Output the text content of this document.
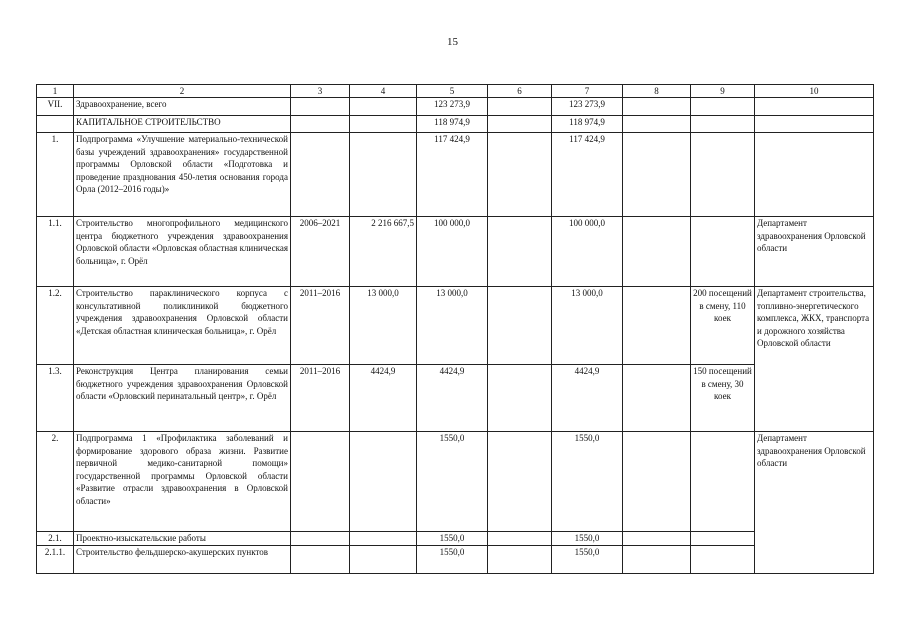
15
1	2	3	4	5	6	7	8	9	10
VII.	Здравоохранение, всего			123 273,9		123 273,9			
	КАПИТАЛЬНОЕ СТРОИТЕЛЬСТВО			118 974,9		118 974,9			
1.	Подпрограмма «Улучшение материально-технической базы учреждений здравоохранения» государственной программы Орловской области «Подготовка и проведение празднования 450-летия основания города Орла (2012–2016 годы)»			117 424,9		117 424,9			
1.1.	Строительство многопрофильного медицинского центра бюджетного учреждения здравоохранения Орловской области «Орловская областная клиническая больница», г. Орёл	2006–2021	2 216 667,5	100 000,0		100 000,0			Департамент здравоохранения Орловской области
1.2.	Строительство параклинического корпуса с консультативной поликлиникой бюджетного учреждения здравоохранения Орловской области «Детская областная клиническая больница», г. Орёл	2011–2016	13 000,0	13 000,0		13 000,0		200 посещений в смену, 110 коек	Департамент строительства, топливно-энергетического комплекса, ЖКХ, транспорта и дорожного хозяйства Орловской области
1.3.	Реконструкция Центра планирования семьи бюджетного учреждения здравоохранения Орловской области «Орловский перинатальный центр», г. Орёл	2011–2016	4424,9	4424,9		4424,9		150 посещений в смену, 30 коек	
2.	Подпрограмма 1 «Профилактика заболеваний и формирование здорового образа жизни. Развитие первичной медико-санитарной помощи» государственной программы Орловской области «Развитие отрасли здравоохранения в Орловской области»			1550,0		1550,0			Департамент здравоохранения Орловской области
2.1.	Проектно-изыскательские работы			1550,0		1550,0			
2.1.1.	Строительство фельдшерско-акушерских пунктов			1550,0		1550,0			
